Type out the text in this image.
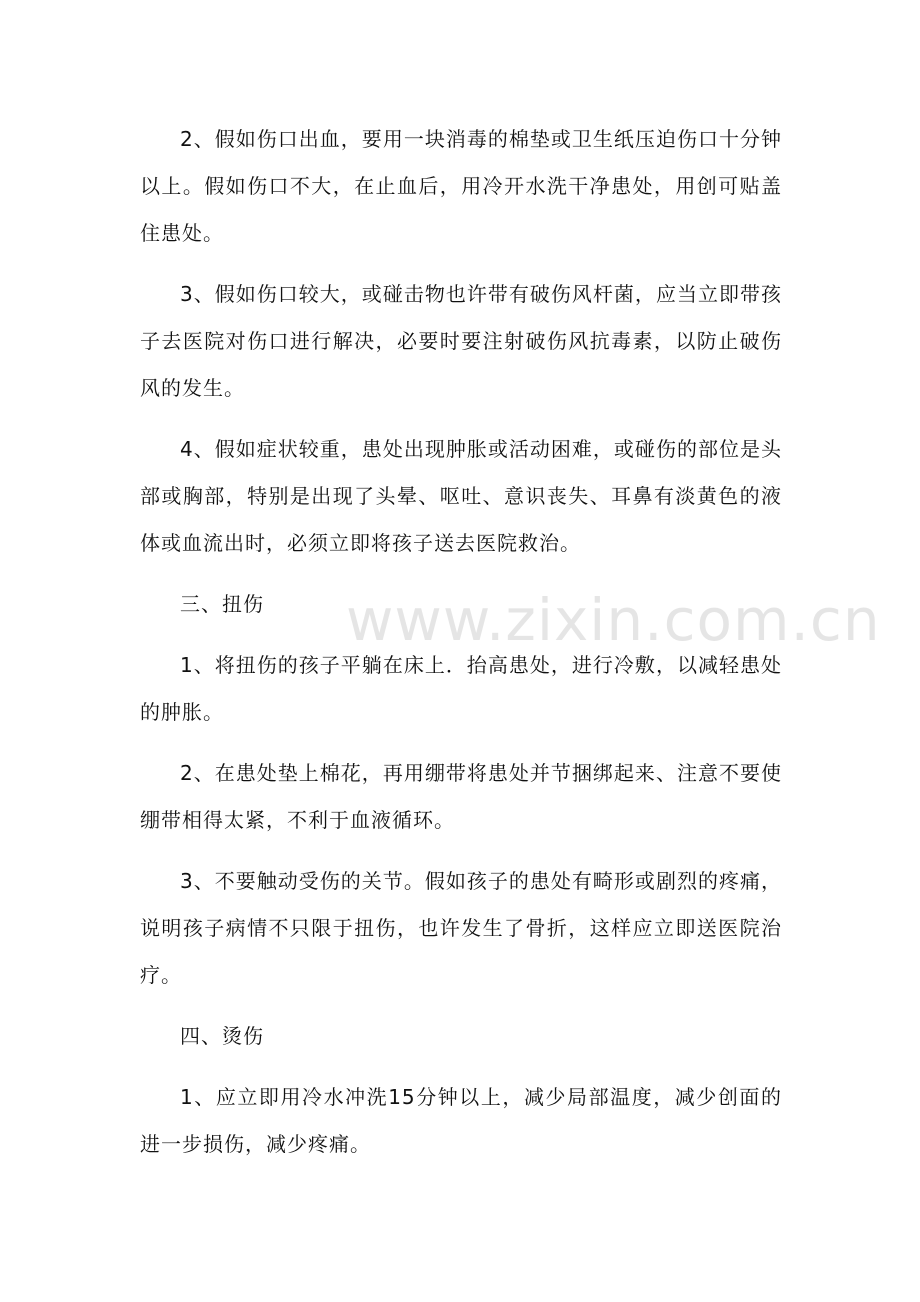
2、假如伤口出血，要用一块消毒的棉垫或卫生纸压迫伤口十分钟以上。假如伤口不大，在止血后，用冷开水洗干净患处，用创可贴盖住患处。

3、假如伤口较大，或碰击物也许带有破伤风杆菌，应当立即带孩子去医院对伤口进行解决，必要时要注射破伤风抗毒素，以防止破伤风的发生。

4、假如症状较重，患处出现肿胀或活动困难，或碰伤的部位是头部或胸部，特别是出现了头晕、呕吐、意识丧失、耳鼻有淡黄色的液体或血流出时，必须立即将孩子送去医院救治。

三、扭伤

1、将扭伤的孩子平躺在床上．抬高患处，进行冷敷，以减轻患处的肿胀。

2、在患处垫上棉花，再用绷带将患处并节捆绑起来、注意不要使绷带相得太紧，不利于血液循环。

3、不要触动受伤的关节。假如孩子的患处有畸形或剧烈的疼痛，说明孩子病情不只限于扭伤，也许发生了骨折，这样应立即送医院治疗。

四、烫伤

1、应立即用冷水冲洗15分钟以上，减少局部温度，减少创面的进一步损伤，减少疼痛。

www.zixin.com.cn
